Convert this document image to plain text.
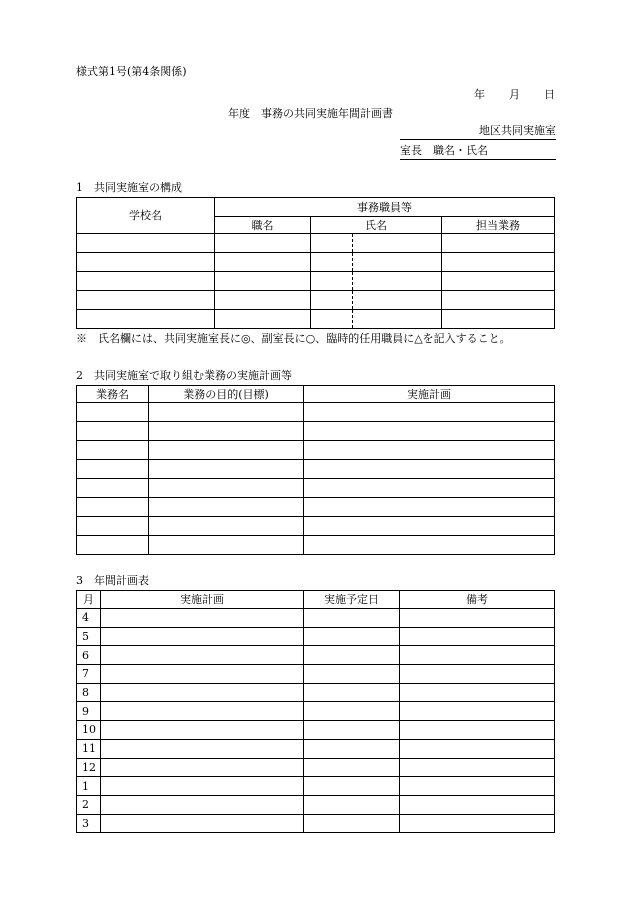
様式第1号(第4条関係)
年 月 日
年度　事務の共同実施年間計画書
地区共同実施室
室長　職名・氏名
1　共同実施室の構成
学校名	事務職員等			
	職名	氏名		担当業務

※　氏名欄には、共同実施室長に◎、副室長に○、臨時的任用職員に△を記入すること。
2　共同実施室で取り組む業務の実施計画等
業務名	業務の目的(目標)	実施計画

3　年間計画表
月	実施計画	実施予定日	備考
4			
5			
6			
7			
8			
9			
10			
11			
12			
1			
2			
3			
